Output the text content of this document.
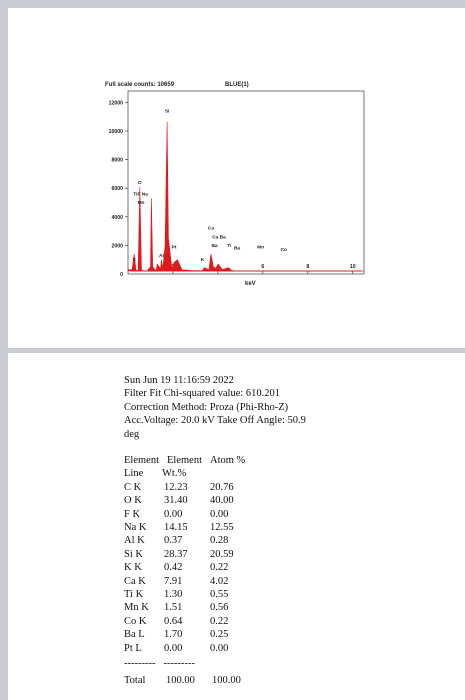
Full scale counts: 10659	BLUE(1)
2000
4000
6000
8000
10000
12000
0
6	8	10
C
O
TiF Na
Mn
Al
Si
Pt
K
Ca
Ca Ba
Ba Ti
Ba	Mn
Co
keV
Sun Jun 19 11:16:59 2022
Filter Fit Chi-squared value: 610.201
Correction Method: Proza (Phi-Rho-Z)
Acc.Voltage: 20.0 kV Take Off Angle: 50.9
deg
Element Element Atom %
Line	Wt.%
C K	12.23	20.76
O K	31.40	40.00
F K	0.00	0.00
Na K	14.15	12.55
Al K	0.37	0.28
Si K	28.37	20.59
K K	0.42	0.22
Ca K	7.91	4.02
Ti K	1.30	0.55
Mn K	1.51	0.56
Co K	0.64	0.22
Ba L	1.70	0.25
Pt L	0.00	0.00
--------- ---------
Total	100.00	100.00
